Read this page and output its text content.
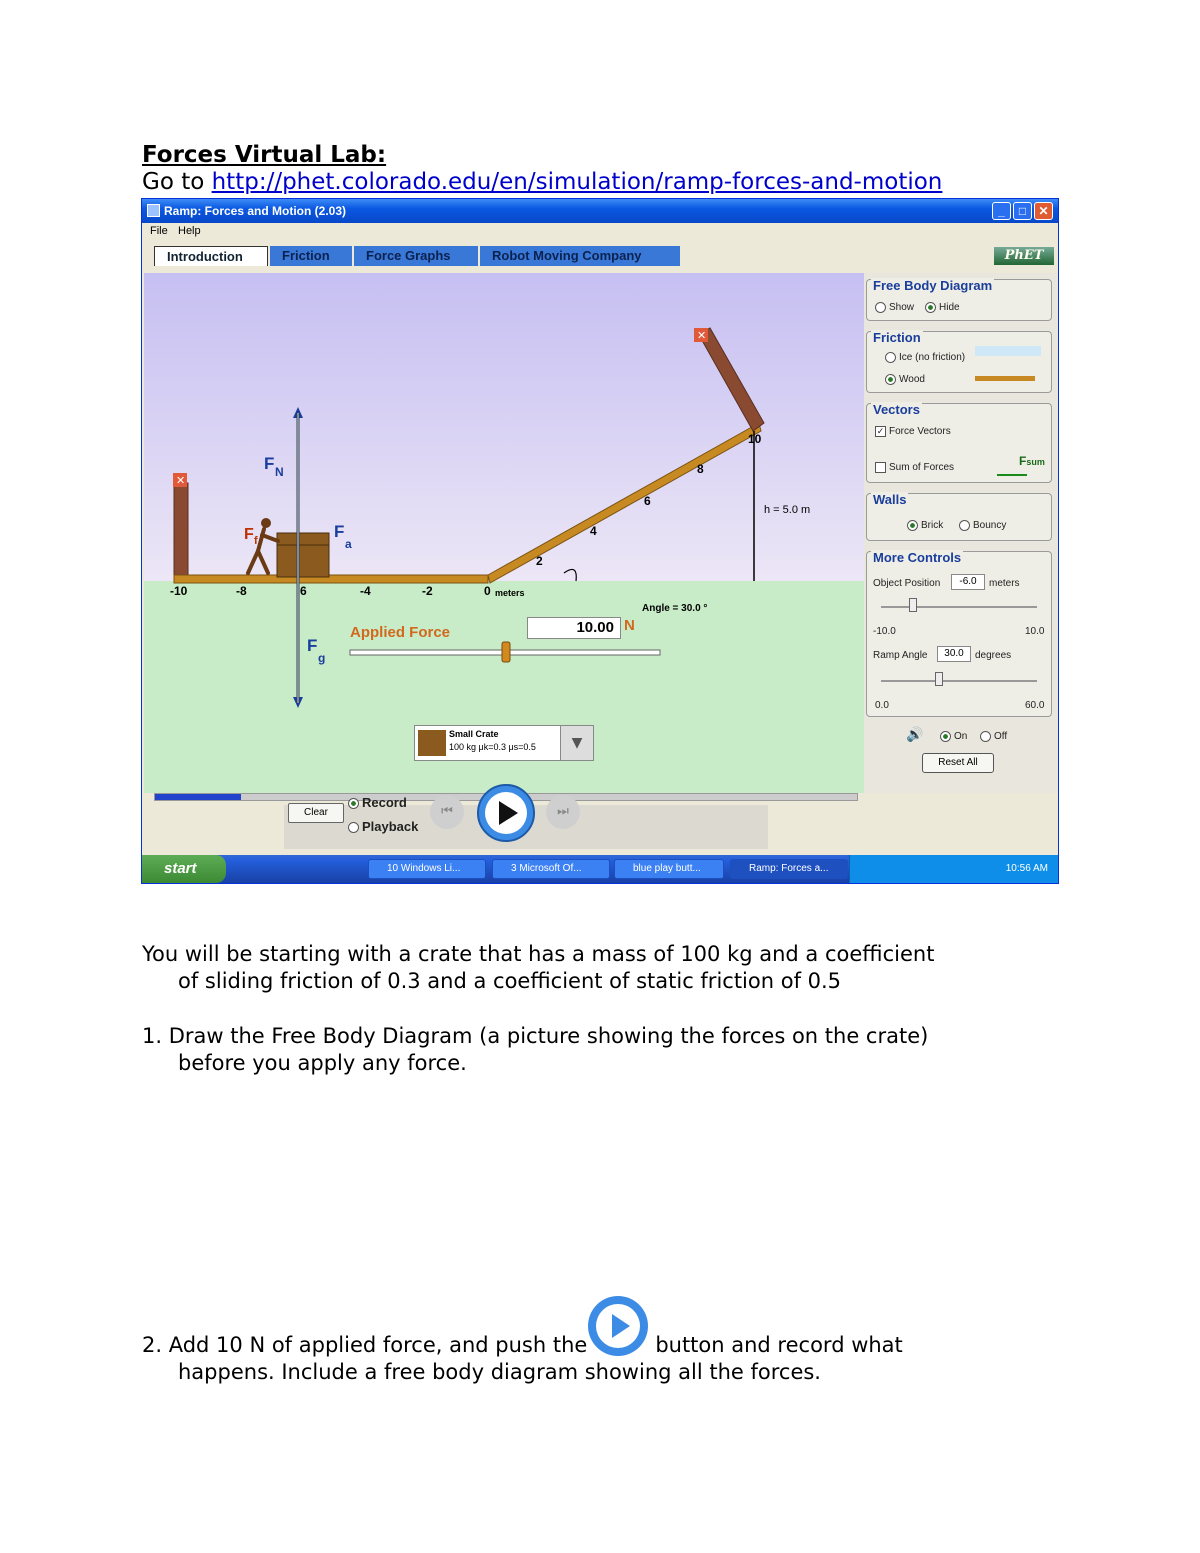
Forces Virtual Lab:
Go to http://phet.colorado.edu/en/simulation/ramp-forces-and-motion
Ramp: Forces and Motion (2.03)	_	□	✕
File Help
Introduction	Friction	Force Graphs	Robot Moving Company	PhET
✕
✕
h = 5.0 m
Angle = 30.0 °
-10	-8	-6	-4	-2	0 meters
2
4
6
8
10
F N
F f	F
a
F
g
Applied Force	10.00 N
Small Crate
100 kg μk=0.3 μs=0.5	▼
Free Body Diagram
Show	Hide
Friction
Ice (no friction)
Wood
Vectors
✓ Force Vectors
Sum of Forces	Fsum
Walls
Brick	Bouncy
More Controls
Object Position	-6.0	meters
-10.0	10.0
Ramp Angle	30.0	degrees
0.0	60.0
🔊	On	Off
Reset All
Clear
Record
Playback
⏮	⏭
start	10 Windows Li...	3 Microsoft Of...	blue play butt...	Ramp: Forces a...	10:56 AM
You will be starting with a crate that has a mass of 100 kg and a coefficient
of sliding friction of 0.3 and a coefficient of static friction of 0.5
1. Draw the Free Body Diagram (a picture showing the forces on the crate)
before you apply any force.
2. Add 10 N of applied force, and push the	button and record what
happens. Include a free body diagram showing all the forces.
